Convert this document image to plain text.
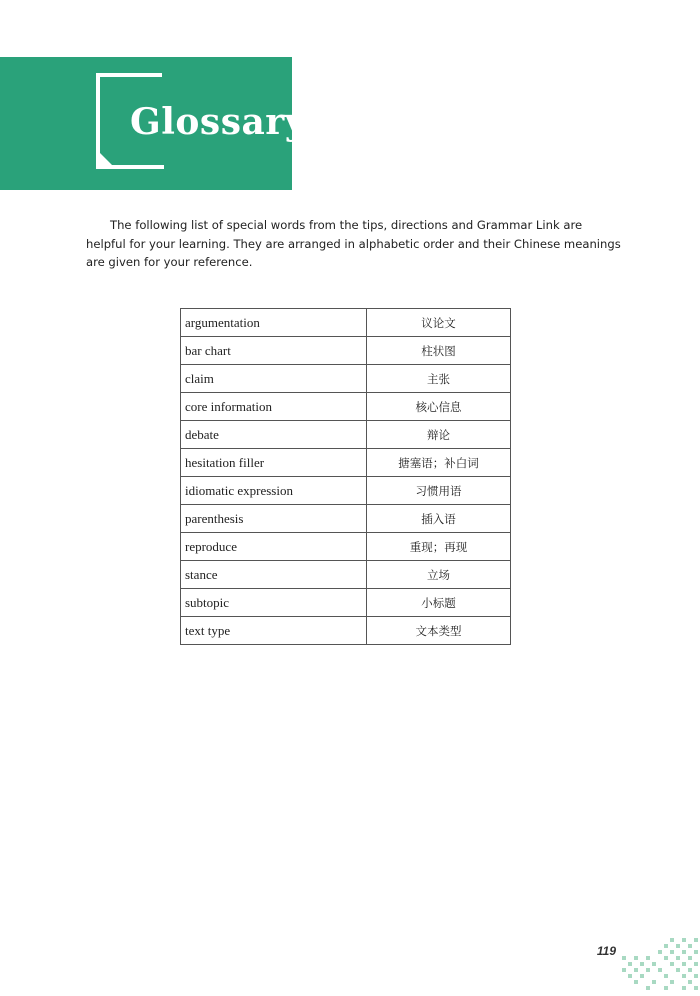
Glossary

The following list of special words from the tips, directions and Grammar Link are helpful for your learning. They are arranged in alphabetic order and their Chinese meanings are given for your reference.

argumentation	议论文
bar chart	柱状图
claim	主张
core information	核心信息
debate	辩论
hesitation filler	搪塞语；补白词
idiomatic expression	习惯用语
parenthesis	插入语
reproduce	重现；再现
stance	立场
subtopic	小标题
text type	文本类型
119
